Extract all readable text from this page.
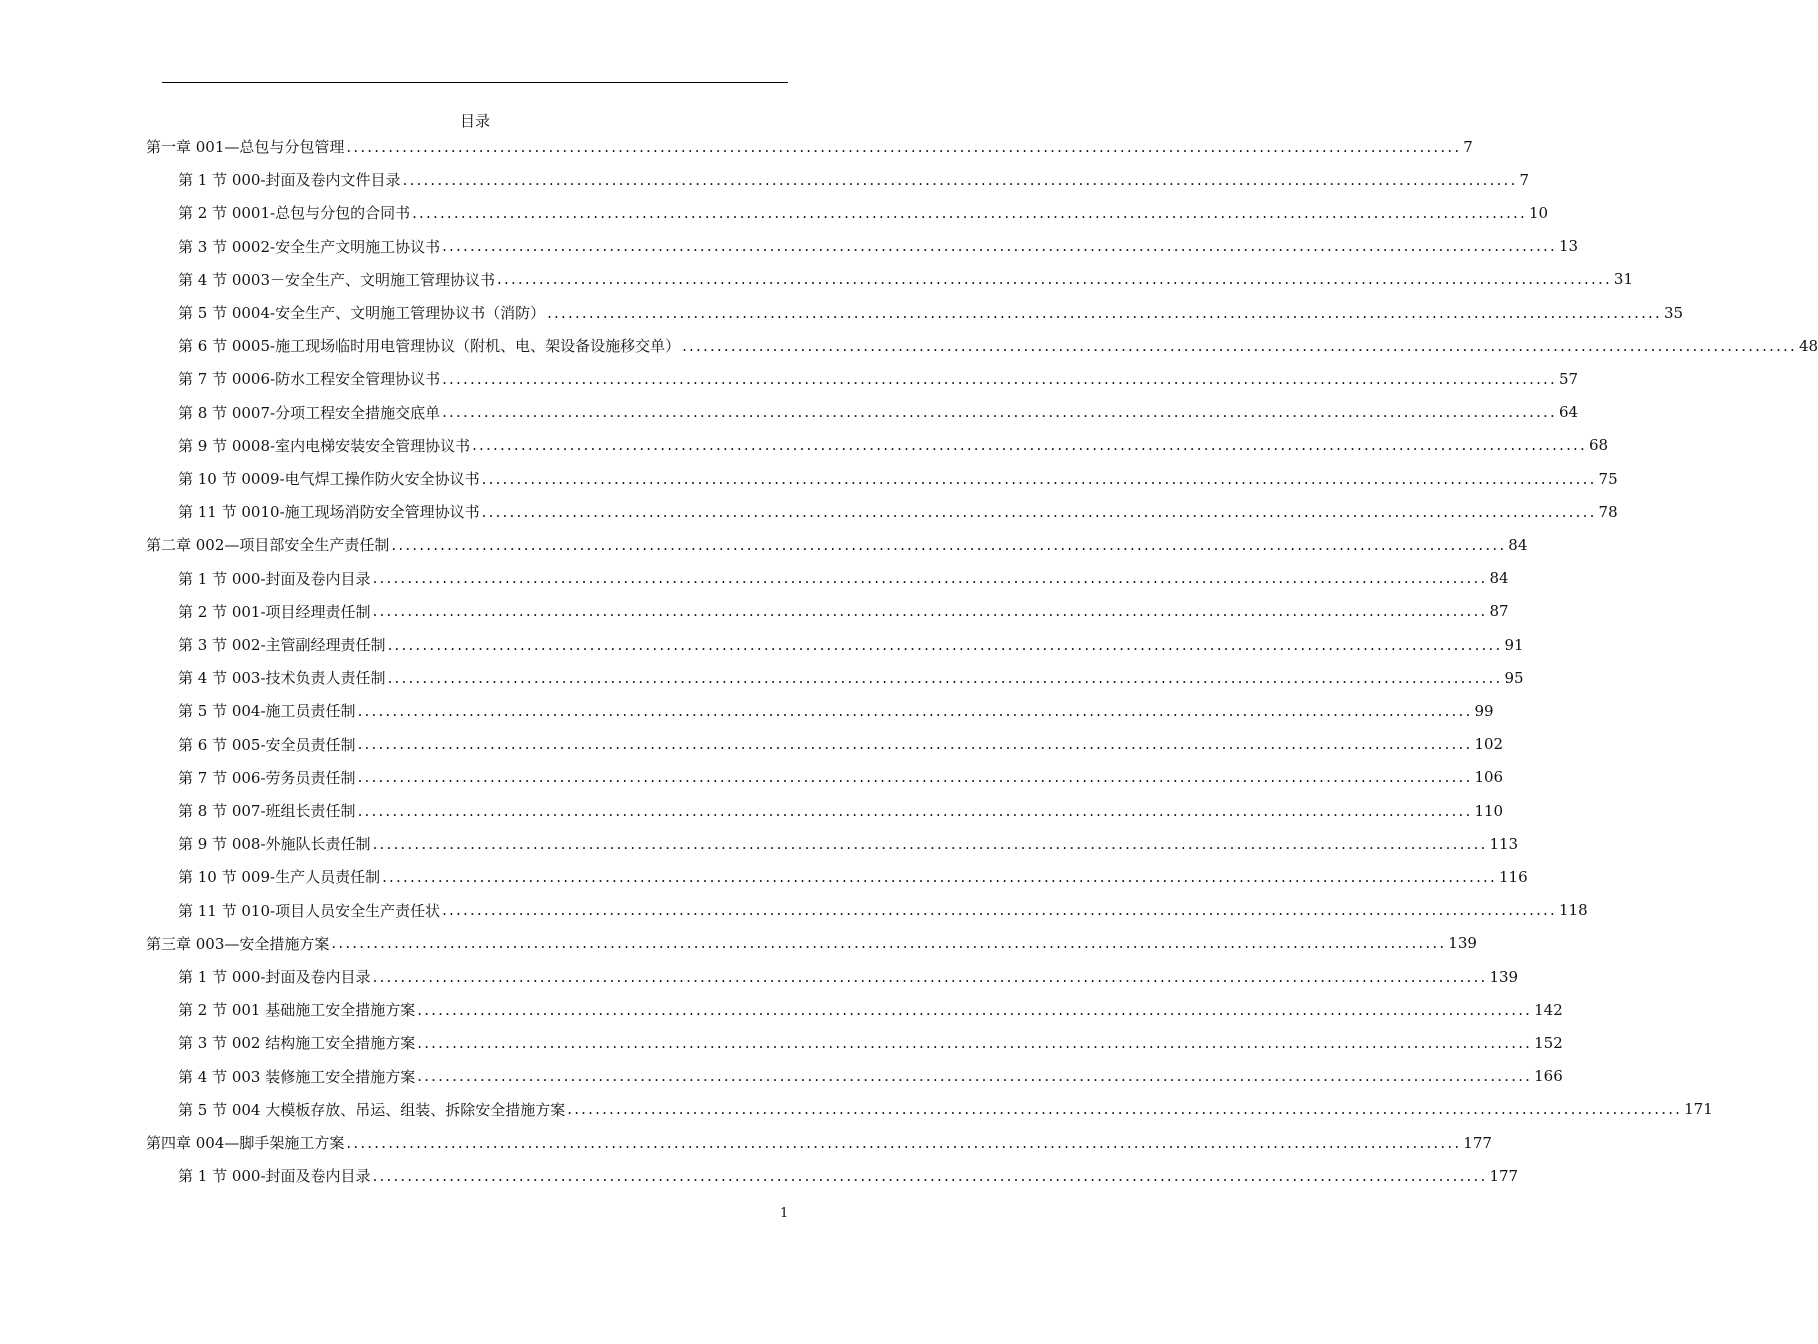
目录
第一章 001—总包与分包管理 ................................................................................................................................................................ 7
第 1 节 000-封面及卷内文件目录 ................................................................................................................................................................ 7
第 2 节 0001-总包与分包的合同书 ................................................................................................................................................................ 10
第 3 节 0002-安全生产文明施工协议书 ................................................................................................................................................................ 13
第 4 节 0003－安全生产、文明施工管理协议书 ................................................................................................................................................................ 31
第 5 节 0004-安全生产、文明施工管理协议书（消防） ................................................................................................................................................................ 35
第 6 节 0005-施工现场临时用电管理协议（附机、电、架设备设施移交单） ................................................................................................................................................................ 48
第 7 节 0006-防水工程安全管理协议书 ................................................................................................................................................................ 57
第 8 节 0007-分项工程安全措施交底单 ................................................................................................................................................................ 64
第 9 节 0008-室内电梯安装安全管理协议书 ................................................................................................................................................................ 68
第 10 节 0009-电气焊工操作防火安全协议书 ................................................................................................................................................................ 75
第 11 节 0010-施工现场消防安全管理协议书 ................................................................................................................................................................ 78
第二章 002—项目部安全生产责任制 ................................................................................................................................................................ 84
第 1 节 000-封面及卷内目录 ................................................................................................................................................................ 84
第 2 节 001-项目经理责任制 ................................................................................................................................................................ 87
第 3 节 002-主管副经理责任制 ................................................................................................................................................................ 91
第 4 节 003-技术负责人责任制 ................................................................................................................................................................ 95
第 5 节 004-施工员责任制 ................................................................................................................................................................ 99
第 6 节 005-安全员责任制 ................................................................................................................................................................ 102
第 7 节 006-劳务员责任制 ................................................................................................................................................................ 106
第 8 节 007-班组长责任制 ................................................................................................................................................................ 110
第 9 节 008-外施队长责任制 ................................................................................................................................................................ 113
第 10 节 009-生产人员责任制 ................................................................................................................................................................ 116
第 11 节 010-项目人员安全生产责任状 ................................................................................................................................................................ 118
第三章 003—安全措施方案 ................................................................................................................................................................ 139
第 1 节 000-封面及卷内目录 ................................................................................................................................................................ 139
第 2 节 001 基础施工安全措施方案 ................................................................................................................................................................ 142
第 3 节 002 结构施工安全措施方案 ................................................................................................................................................................ 152
第 4 节 003 装修施工安全措施方案 ................................................................................................................................................................ 166
第 5 节 004 大模板存放、吊运、组装、拆除安全措施方案 ................................................................................................................................................................ 171
第四章 004—脚手架施工方案 ................................................................................................................................................................ 177
第 1 节 000-封面及卷内目录 ................................................................................................................................................................ 177
1
